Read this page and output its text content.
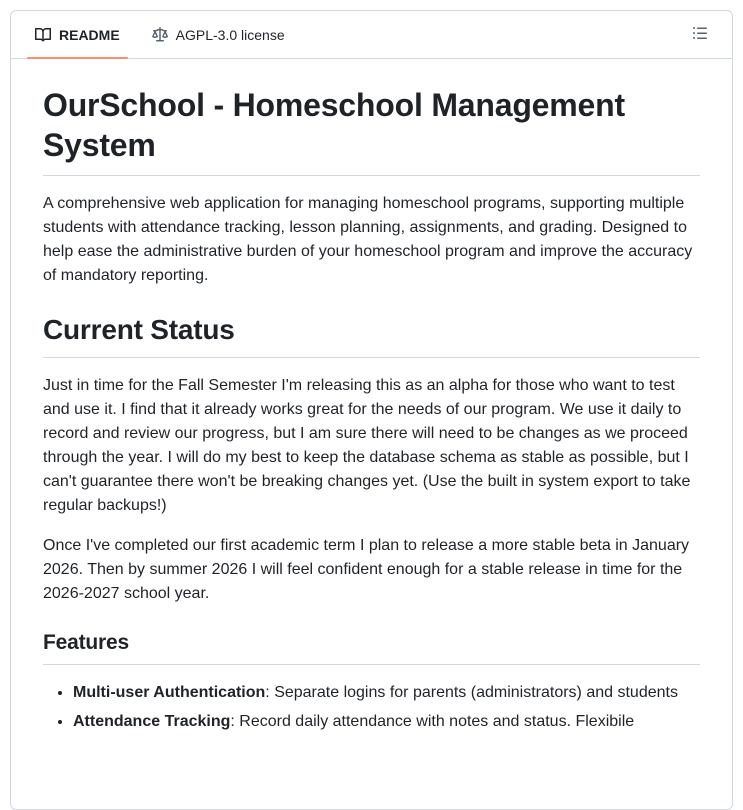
README	AGPL-3.0 license
OurSchool - Homeschool Management System

A comprehensive web application for managing homeschool programs, supporting multiple students with attendance tracking, lesson planning, assignments, and grading. Designed to help ease the administrative burden of your homeschool program and improve the accuracy of mandatory reporting.

Current Status

Just in time for the Fall Semester I'm releasing this as an alpha for those who want to test and use it. I find that it already works great for the needs of our program. We use it daily to record and review our progress, but I am sure there will need to be changes as we proceed through the year. I will do my best to keep the database schema as stable as possible, but I can't guarantee there won't be breaking changes yet. (Use the built in system export to take regular backups!)

Once I've completed our first academic term I plan to release a more stable beta in January 2026. Then by summer 2026 I will feel confident enough for a stable release in time for the 2026-2027 school year.

Features
• Multi-user Authentication: Separate logins for parents (administrators) and students
• Attendance Tracking: Record daily attendance with notes and status. Flexibile
